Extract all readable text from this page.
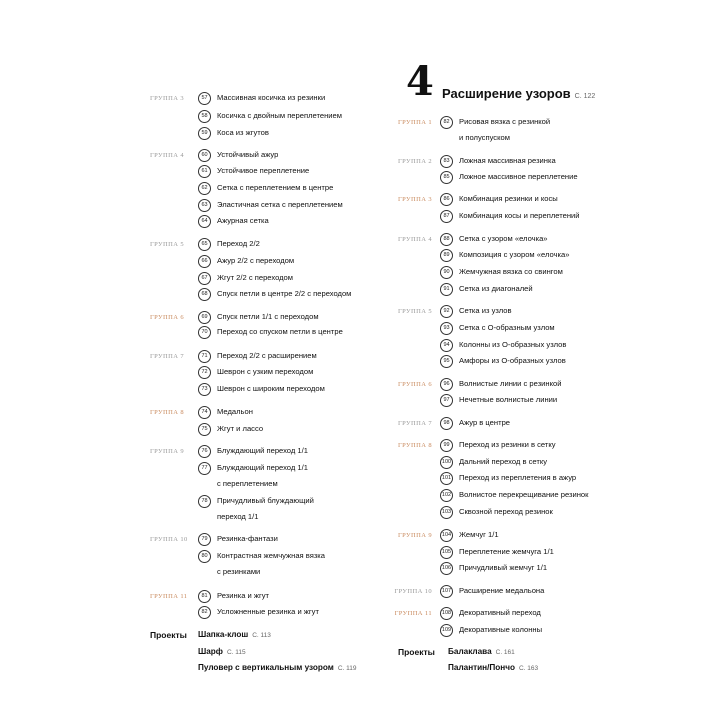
ГРУППА 3	57	Массивная косичка из резинки
58	Косичка с двойным переплетением
59	Коса из жгутов
ГРУППА 4	60	Устойчивый ажур
61	Устойчивое переплетение
62	Сетка с переплетением в центре
63	Эластичная сетка с переплетением
64	Ажурная сетка
ГРУППА 5	65	Переход 2/2
66	Ажур 2/2 с переходом
67	Жгут 2/2 с переходом
68	Спуск петли в центре 2/2 с переходом
ГРУППА 6	69	Спуск петли 1/1 с переходом
70	Переход со спуском петли в центре
ГРУППА 7	71	Переход 2/2 с расширением
72	Шеврон с узким переходом
73	Шеврон с широким переходом
ГРУППА 8	74	Медальон
75	Жгут и лассо
ГРУППА 9	76	Блуждающий переход 1/1
77	Блуждающий переход 1/1
с переплетением
78	Причудливый блуждающий
переход 1/1
ГРУППА 10	79	Резинка-фантази
80	Контрастная жемчужная вязка
с резинками
ГРУППА 11	81	Резинка и жгут
82	Усложненные резинка и жгут
Проекты Шапка-клош С. 113
Шарф С. 115
Пуловер с вертикальным узором С. 119
4 Расширение узоров С. 122
ГРУППА 1	82	Рисовая вязка с резинкой
и полуспуском
ГРУППА 2	83	Ложная массивная резинка
85	Ложное массивное переплетение
ГРУППА 3	86	Комбинация резинки и косы
87	Комбинация косы и переплетений
ГРУППА 4	88	Сетка с узором «елочка»
89	Композиция с узором «елочка»
90	Жемчужная вязка со свингом
91	Сетка из диагоналей
ГРУППА 5	92	Сетка из узлов
93	Сетка с О-образным узлом
94	Колонны из О-образных узлов
95	Амфоры из О-образных узлов
ГРУППА 6	96	Волнистые линии с резинкой
97	Нечетные волнистые линии
ГРУППА 7	98	Ажур в центре
ГРУППА 8	99	Переход из резинки в сетку
100 Дальний переход в сетку
101 Переход из переплетения в ажур
102 Волнистое перекрещивание резинок
103 Сквозной переход резинок
ГРУППА 9	104 Жемчуг 1/1
105 Переплетение жемчуга 1/1
106 Причудливый жемчуг 1/1
ГРУППА 10	107 Расширение медальона
ГРУППА 11	108 Декоративный переход
109 Декоративные колонны
Проекты Балаклава С. 161
Палантин/Пончо С. 163
